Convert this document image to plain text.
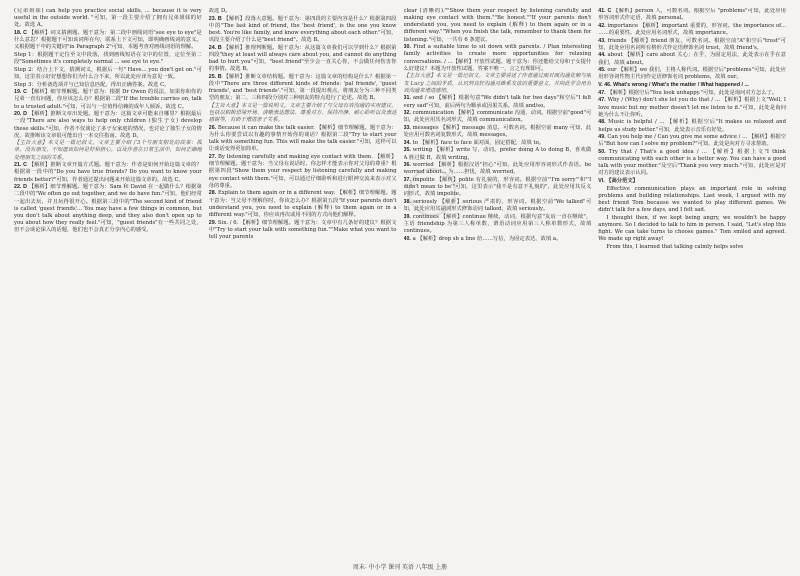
(兄弟姐妹) can help you practice social skills, ... because it is very useful in the outside world. "可知，第一段主要介绍了拥有兄弟姐妹的好处。故选 A。

18. C 【解析】词义猜测题。题干意为：第二段中画线词语"see eye to eye"是什么意思？根据题干可知该词所在句，联系上下文可知，即明确画线词的意义。又根据题干中的关键词"in Paragraph 2"可知，本题考查对画线词语的理解。

Step 1：根据题干定位至文中段落，找到画线短语在文中的位置，定位至第二段"Sometimes it's completely normal ... see eye to eye."

Step 2：结合上下文，猜测词义，根据后一句" Have... you don't get on."可知，这里表示好好想想你们为什么合不来，所以此处应译为意见一致。

Step 3：分析备选项并与已知信息匹配，得出正确答案。故选 C。

19. C 【解析】细节理解题。题干意为：根据 Dr Owen 的说法，如果你和你的兄弟一直有问题，你应该怎么办？根据第二段"If the trouble carries on, talk to a trusted adult."可知，可以与一位值得信赖的成年人倾诉。故选 C。

20. D 【解析】推断文章出处题。题干意为：这篇文章可能来自哪里？根据最后一段"There are also ways to help only children (独生子女) develop these skills."可知，作者不仅谈论了多子女家庭的情况，也讨论了独生子女的情况，故推断该文章很可能出自一本交往指南。故选 D。

【主旨大意】本文是一篇记叙文。文章主要介绍了3个与朋友相处的故事：孤单，没有朋友，不知道该如何是好和担心。以及作者在日常生活中，如何正确地处理朋友之间的关系。

21. C 【解析】推断文章开篇方式题。题干意为：作者是如何开始这篇文章的？根据第一段中的"Do you have true friends? Do you want to know your friends better?"可知，作者通过提出问题来开始这篇文章的。故选 C。

22. D 【解析】细节理解题。题干意为：Sam 和 David 在一起做什么？根据第二段中的"We often go out together, and we do have fun."可知，他们经常一起出去玩，并且玩得很开心。根据第三段中的"The second kind of friend is called 'guest friends'... You may have a few things in common, but you don't talk about anything deep, and they also don't open up to you about how they really feel."可知，"guest friends"有一些共同之处，但不会谈论深入的话题，他们也不会真正分享内心的感受。

故选 D。

23. B 【解析】段落大意题。题干意为：第四段的主要内容是什么？根据第四段中的"The last kind of friend, the 'best friend', is the one you know best. You're like family, and know everything about each other."可知，该段主要介绍了什么是"best friend"。故选 B。

24. B 【解析】推理判断题。题干意为：从这篇文章我们可以学到什么？根据第四段"they at least will always care about you, and cannot do anything bad to hurt you"可知，"best friend"至少会一直关心你，不会做任何伤害你的事情。故选 B。

25. B 【解析】推断文章结构题。题干意为：这篇文章的结构是什么？根据第一段中"There are three different kinds of friends: 'pal friends', 'guest friends', and 'best friends'."可知，第一段提出观点，将朋友分为三种不同类型的朋友；第二、三和四段分别对三种朋友的特点进行了论述。故选 B。

【主旨大意】本文是一篇说明文。文章主要介绍了与父母有效沟通的实用建议，包括以积极语境开场、清晰表达想法、尊重对方、保持冷静、耐心聆听以及表达感谢等，有助于增进亲子关系。

26. Because it can make the talk easier. 【解析】细节理解题。题干意为：为什么你要尝试以有趣的事情开始你的谈话？根据第二段"Try to start your talk with something fun. This will make the talk easier."可知，这样可以让谈话变得更加简单。

27. By listening carefully and making eye contact with them. 【解析】细节理解题。题干意为：当父母在说话时，你怎样才能表示你对父母的尊重？根据第四段"Show them your respect by listening carefully and making eye contact with them."可知，可以通过仔细聆听和进行眼神交流来表示对父母的尊重。

28. Explain to them again or in a different way. 【解析】细节理解题。题干意为：当父母不理解你时，你该怎么办？根据第五段"If your parents don't understand you, you need to explain (解释) to them again or in a different way."可知，你应该再次或用不同的方式向他们解释。

29. Six. / 6. 【解析】细节理解题。题干意为：文章中有几条好的建议？根据文中"Try to start your talk with something fun.""Make what you want to tell your parents

clear (清晰的).""Show them your respect by listening carefully and making eye contact with them.""Be honest.""If your parents don't understand you, you need to explain (解释) to them again or in a different way.""When you finish the talk, remember to thank them for listening."可知，一共有 6 条建议。

30. Find a suitable time to sit down with parents. / Plan interesting family activities to create more opportunities for relaxing conversations. / ...【解析】开放性试题。题干意为：你还能给父母和子女提什么好建议？本题为开放性试题，答案不唯一，言之有理即可。

【主旨大意】本文是一篇记叙文。文章主要讲述了作者通过面对面沟通化解与朋友 Lucy 之间的矛盾，认识到良好沟通对维系友谊的重要意义，并向此学会用有效沟通来增进感情。

31. and / so 【解析】根据句意"We didn't talk for two days"和空后"I felt very sad"可知，前后两句为顺承或因果关系，故填 and/so。

32. communication 【解析】communicate 沟通，动词。根据空前"good"可知，此处应用其名词形式，故填 communication。

33. messages 【解析】message 消息，可数名词。根据空前 many 可知，此处应用可数名词复数形式，故填 messages。

34. to 【解析】face to face 面对面，固定搭配，故填 to。

35. writing 【解析】write 写，动词。prefer doing A to doing B，喜欢做 A 胜过做 B，故填 writing。

36. worried 【解析】根据汉语"担心"可知，此处应用形容词形式作表语。be worried about... 为……担忧，故填 worried。

37. impolite 【解析】polite 有礼貌的，形容词。根据空前"'I'm sorry'"和"'I didn't mean to be'"可知，这里表示"我不是有意不礼貌的"，此处应用其反义词形式，故填 impolite。

38. seriously 【解析】serious 严肃的，形容词。根据空前"We talked"可知，此处应用其副词形式修饰动词 talked，故填 seriously。

39. continues 【解析】continue 继续，动词，根据句意"友谊一直在继续"，主语 friendship 为第三人称单数，谓语动词应用第三人称单数形式，故填 continues。

40. a 【解析】drop sb a line 给……写信，为固定表达，故填 a。

41. C 【解析】person 人，可数名词。根据空后 "problems"可知，此处应用形容词形式作定语，故填 personal。

42. importance 【解析】important 重要的，形容词。the importance of... ……的重要性。此处应用名词形式，故填 importance。

43. friends 【解析】friend 朋友，可数名词。根据空前"A"和空后"trust"可知，此处应用名词所有格形式作定语修饰名词 trust，故填 friend's。

44. about 【解析】care about 关心；在乎，为固定用法，此处表示在乎在意我们，故填 about。

45. our 【解析】we 我们，主格人称代词。根据空后"problems"可知，此处应用形容词性物主代词作定语修饰名词 problems，故填 our。

V. 46. What's wrong / What's the matter / What happened / ...

47. 【解析】根据空后"You look unhappy."可知，此处是询问对方怎么了。

47. Why / (Why) don't she let you do that / ... 【解析】根据上文"Well, I love music but my mother doesn't let me listen to it."可知，此处是询问她为什么不让你听。

48. Music is helpful / ... 【解析】根据空后"It makes us relaxed and helps us study better."可知，此处表示音乐有好处。

49. Can you help me / Can you give me some advice / ... 【解析】根据空后"But how can I solve my problem?"可知，此处是向对方寻求帮助。

50. Try that / That's a good idea / ... 【解析】根据上文"I think communicating with each other is a better way. You can have a good talk with your mother."及空后"Thank you very much."可知，此处应是对对方的建议表示认同。

VI. 【高分范文】

Effective communication plays an important role in solving problems and building relationships. Last week, I argued with my best friend Tom because we wanted to play different games. We didn't talk for a few days, and I felt sad.

I thought then, if we kept being angry, we wouldn't be happy anymore. So I decided to talk to him in person. I said, "Let's stop this fight. We can take turns to choose games." Tom smiled and agreed. We made up right away!

From this, I learned that talking calmly helps solve

周末· 中小学 课刊 英语 八年级 上册
